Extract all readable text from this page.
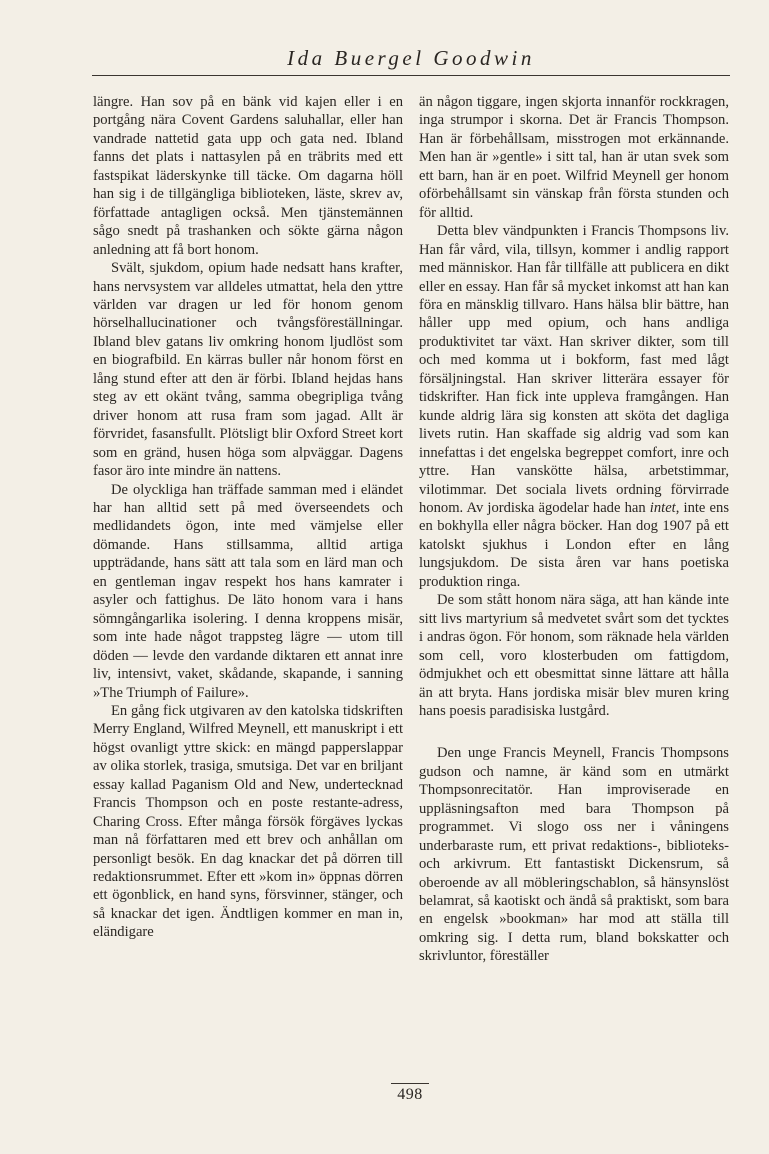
Ida Buergel Goodwin

längre. Han sov på en bänk vid kajen eller i en portgång nära Covent Gardens saluhallar, eller han vandrade nattetid gata upp och gata ned. Ibland fanns det plats i nattasylen på en träbrits med ett fastspikat läderskynke till täcke. Om dagarna höll han sig i de tillgängliga biblioteken, läste, skrev av, författade antagligen också. Men tjänstemännen sågo snedt på trashanken och sökte gärna någon anledning att få bort honom.

Svält, sjukdom, opium hade nedsatt hans krafter, hans nervsystem var alldeles utmattat, hela den yttre världen var dragen ur led för honom genom hörselhallucinationer och tvångsföreställningar. Ibland blev gatans liv omkring honom ljudlöst som en biografbild. En kärras buller når honom först en lång stund efter att den är förbi. Ibland hejdas hans steg av ett okänt tvång, samma obegripliga tvång driver honom att rusa fram som jagad. Allt är förvridet, fasansfullt. Plötsligt blir Oxford Street kort som en gränd, husen höga som alpväggar. Dagens fasor äro inte mindre än nattens.

De olyckliga han träffade samman med i eländet har han alltid sett på med överseendets och medlidandets ögon, inte med vämjelse eller dömande. Hans stillsamma, alltid artiga uppträdande, hans sätt att tala som en lärd man och en gentleman ingav respekt hos hans kamrater i asyler och fattighus. De läto honom vara i hans sömngångarlika isolering. I denna kroppens misär, som inte hade något trappsteg lägre — utom till döden — levde den vardande diktaren ett annat inre liv, intensivt, vaket, skådande, skapande, i sanning »The Triumph of Failure».

En gång fick utgivaren av den katolska tidskriften Merry England, Wilfred Meynell, ett manuskript i ett högst ovanligt yttre skick: en mängd papperslappar av olika storlek, trasiga, smutsiga. Det var en briljant essay kallad Paganism Old and New, undertecknad Francis Thompson och en poste restante-adress, Charing Cross. Efter många försök förgäves lyckas man nå författaren med ett brev och anhållan om personligt besök. En dag knackar det på dörren till redaktionsrummet. Efter ett »kom in» öppnas dörren ett ögonblick, en hand syns, försvinner, stänger, och så knackar det igen. Ändtligen kommer en man in, eländigare

än någon tiggare, ingen skjorta innanför rockkragen, inga strumpor i skorna. Det är Francis Thompson. Han är förbehållsam, misstrogen mot erkännande. Men han är »gentle» i sitt tal, han är utan svek som ett barn, han är en poet. Wilfrid Meynell ger honom oförbehållsamt sin vänskap från första stunden och för alltid.

Detta blev vändpunkten i Francis Thompsons liv. Han får vård, vila, tillsyn, kommer i andlig rapport med människor. Han får tillfälle att publicera en dikt eller en essay. Han får så mycket inkomst att han kan föra en mänsklig tillvaro. Hans hälsa blir bättre, han håller upp med opium, och hans andliga produktivitet tar växt. Han skriver dikter, som till och med komma ut i bokform, fast med lågt försäljningstal. Han skriver litterära essayer för tidskrifter. Han fick inte uppleva framgången. Han kunde aldrig lära sig konsten att sköta det dagliga livets rutin. Han skaffade sig aldrig vad som kan innefattas i det engelska begreppet comfort, inre och yttre. Han vanskötte hälsa, arbetstimmar, vilotimmar. Det sociala livets ordning förvirrade honom. Av jordiska ägodelar hade han intet, inte ens en bokhylla eller några böcker. Han dog 1907 på ett katolskt sjukhus i London efter en lång lungsjukdom. De sista åren var hans poetiska produktion ringa.

De som stått honom nära säga, att han kände inte sitt livs martyrium så medvetet svårt som det tycktes i andras ögon. För honom, som räknade hela världen som cell, voro klosterbuden om fattigdom, ödmjukhet och ett obesmittat sinne lättare att hålla än att bryta. Hans jordiska misär blev muren kring hans poesis paradisiska lustgård.

Den unge Francis Meynell, Francis Thompsons gudson och namne, är känd som en utmärkt Thompsonrecitatör. Han improviserade en uppläsningsafton med bara Thompson på programmet. Vi slogo oss ner i våningens underbaraste rum, ett privat redaktions-, biblioteks- och arkivrum. Ett fantastiskt Dickensrum, så oberoende av all möbleringschablon, så hänsynslöst belamrat, så kaotiskt och ändå så praktiskt, som bara en engelsk »bookman» har mod att ställa till omkring sig. I detta rum, bland bokskatter och skrivluntor, föreställer

498
